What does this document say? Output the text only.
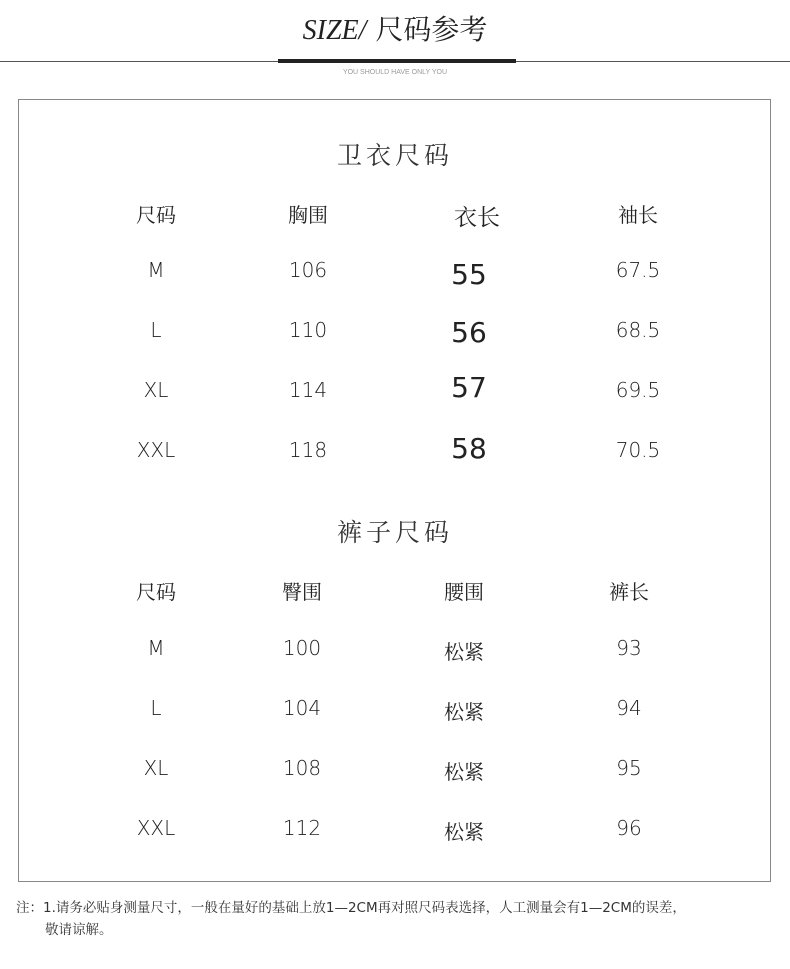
SIZE/ 尺码参考
YOU SHOULD HAVE ONLY YOU
卫衣尺码
尺码	胸围	衣长	袖长
M	106	55	67.5
L	110	56	68.5
XL	114	57	69.5
XXL	118	58	70.5
裤子尺码
尺码	臀围	腰围	裤长
M	100	松紧	93
L	104	松紧	94
XL	108	松紧	95
XXL	112	松紧	96
注：1.请务必贴身测量尺寸，一般在量好的基础上放1—2CM再对照尺码表选择，人工测量会有1—2CM的误差，
敬请谅解。
